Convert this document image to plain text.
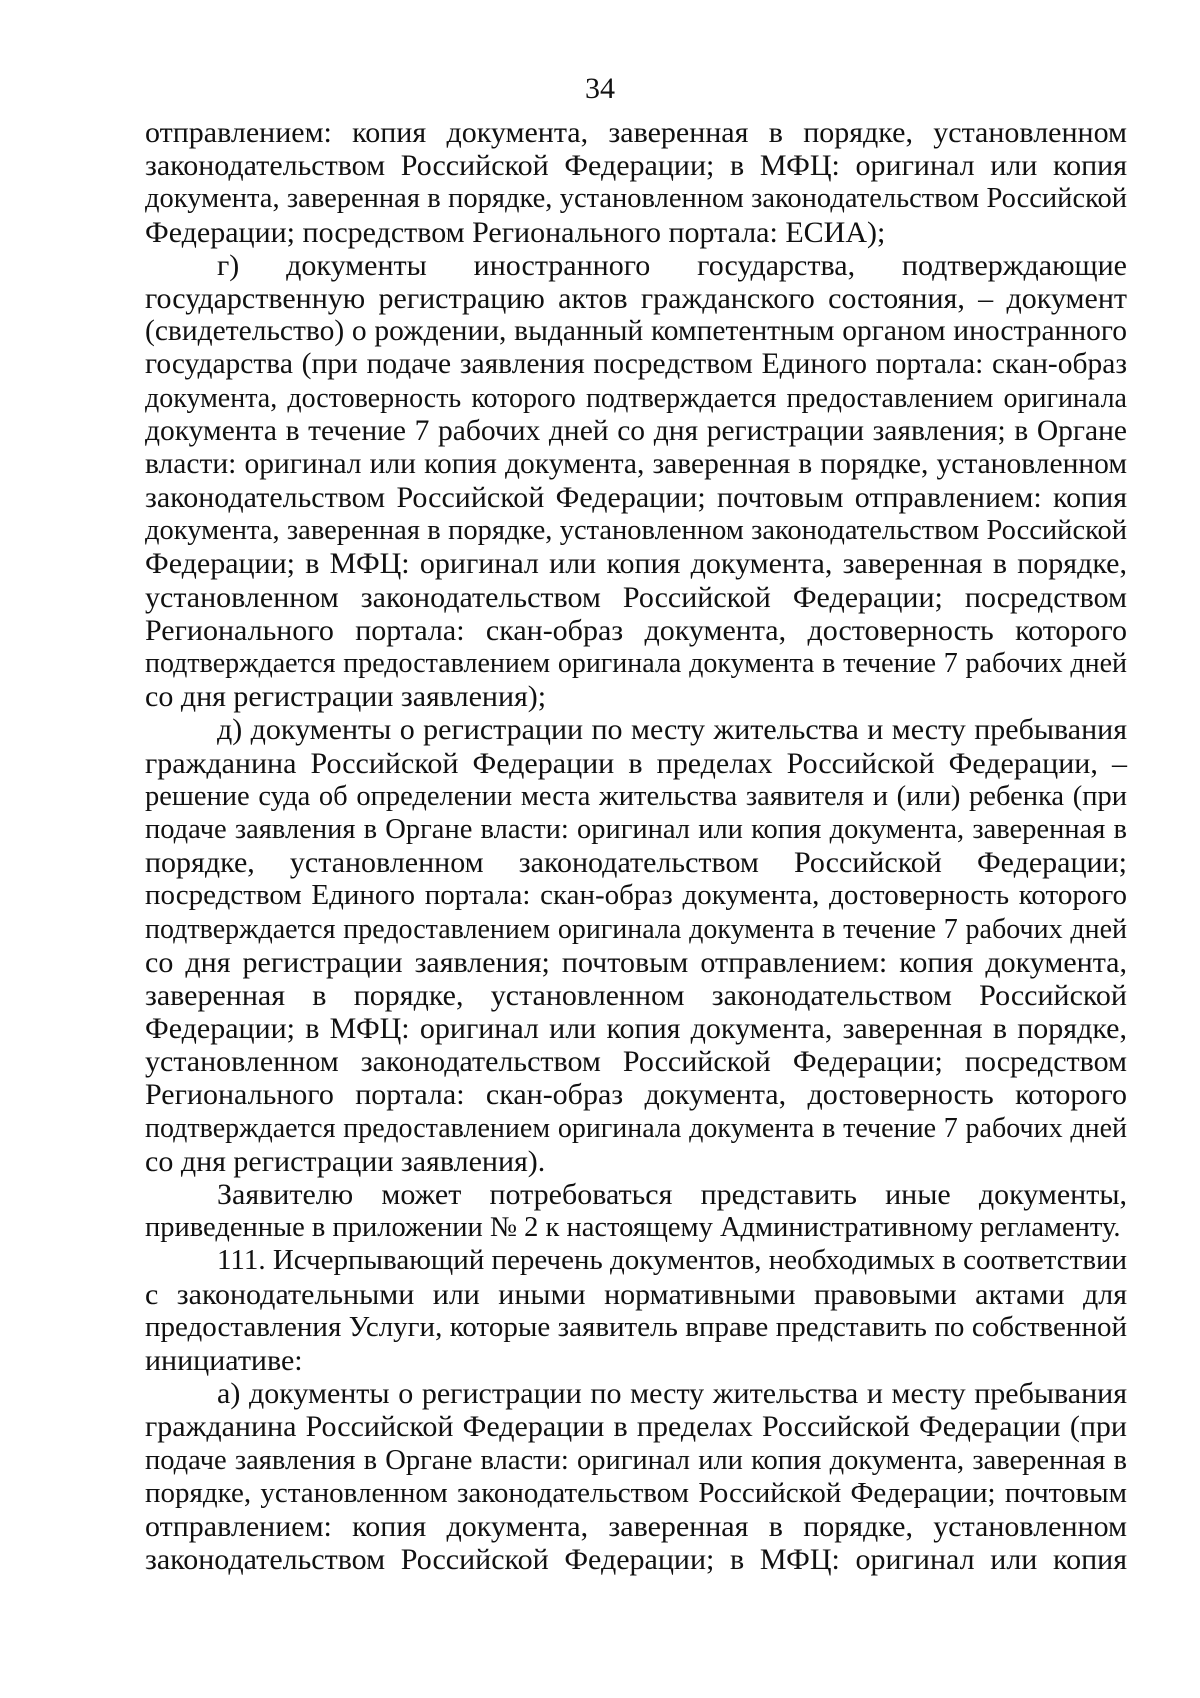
34
отправлением: копия документа, заверенная в порядке, установленном
законодательством Российской Федерации; в МФЦ: оригинал или копия
документа, заверенная в порядке, установленном законодательством Российской
Федерации; посредством Регионального портала: ЕСИА);
г) документы иностранного государства, подтверждающие
государственную регистрацию актов гражданского состояния, – документ
(свидетельство) о рождении, выданный компетентным органом иностранного
государства (при подаче заявления посредством Единого портала: скан-образ
документа, достоверность которого подтверждается предоставлением оригинала
документа в течение 7 рабочих дней со дня регистрации заявления; в Органе
власти: оригинал или копия документа, заверенная в порядке, установленном
законодательством Российской Федерации; почтовым отправлением: копия
документа, заверенная в порядке, установленном законодательством Российской
Федерации; в МФЦ: оригинал или копия документа, заверенная в порядке,
установленном законодательством Российской Федерации; посредством
Регионального портала: скан-образ документа, достоверность которого
подтверждается предоставлением оригинала документа в течение 7 рабочих дней
со дня регистрации заявления);
д) документы о регистрации по месту жительства и месту пребывания
гражданина Российской Федерации в пределах Российской Федерации, –
решение суда об определении места жительства заявителя и (или) ребенка (при
подаче заявления в Органе власти: оригинал или копия документа, заверенная в
порядке, установленном законодательством Российской Федерации;
посредством Единого портала: скан-образ документа, достоверность которого
подтверждается предоставлением оригинала документа в течение 7 рабочих дней
со дня регистрации заявления; почтовым отправлением: копия документа,
заверенная в порядке, установленном законодательством Российской
Федерации; в МФЦ: оригинал или копия документа, заверенная в порядке,
установленном законодательством Российской Федерации; посредством
Регионального портала: скан-образ документа, достоверность которого
подтверждается предоставлением оригинала документа в течение 7 рабочих дней
со дня регистрации заявления).
Заявителю может потребоваться представить иные документы,
приведенные в приложении № 2 к настоящему Административному регламенту.
111. Исчерпывающий перечень документов, необходимых в соответствии
с законодательными или иными нормативными правовыми актами для
предоставления Услуги, которые заявитель вправе представить по собственной
инициативе:
а) документы о регистрации по месту жительства и месту пребывания
гражданина Российской Федерации в пределах Российской Федерации (при
подаче заявления в Органе власти: оригинал или копия документа, заверенная в
порядке, установленном законодательством Российской Федерации; почтовым
отправлением: копия документа, заверенная в порядке, установленном
законодательством Российской Федерации; в МФЦ: оригинал или копия
